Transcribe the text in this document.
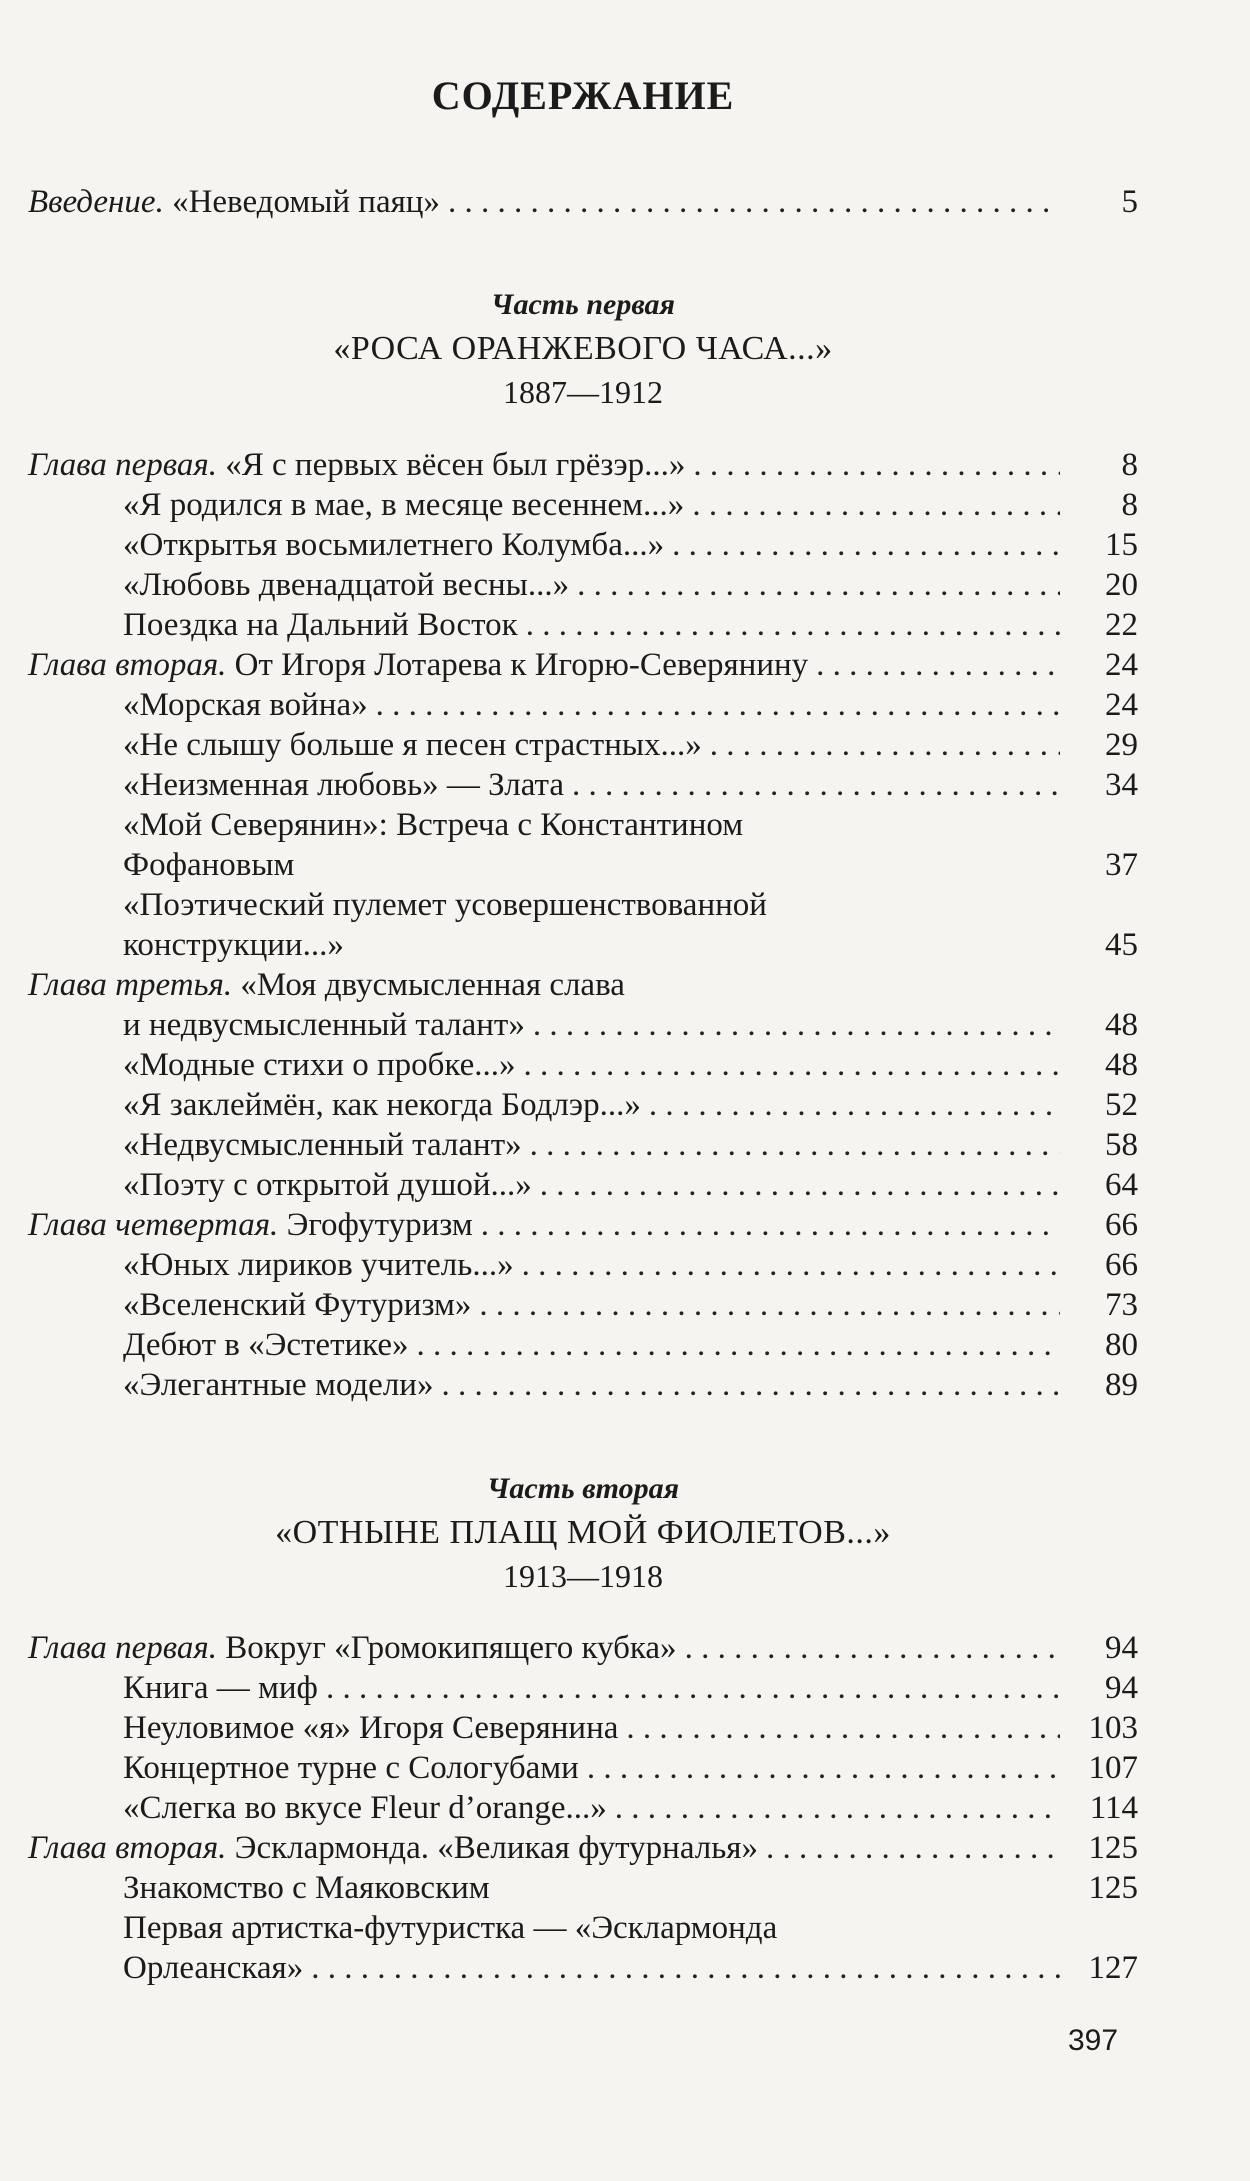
СОДЕРЖАНИЕ
Введение. «Неведомый паяц» . . .	5
Часть первая
«РОСА ОРАНЖЕВОГО ЧАСА...»
1887—1912
Глава первая. «Я с первых вёсен был грёзэр...» . . .	8
«Я родился в мае, в месяце весеннем...» . . .	8
«Открытья восьмилетнего Колумба...» . . .	15
«Любовь двенадцатой весны...» . . .	20
Поездка на Дальний Восток . . .	22
Глава вторая. От Игоря Лотарева к Игорю-Северянину . . .	24
«Морская война» . . .	24
«Не слышу больше я песен страстных...» . . .	29
«Неизменная любовь» — Злата . . .	34
«Мой Северянин»: Встреча с Константином
Фофановым	37
«Поэтический пулемет усовершенствованной
конструкции...»	45
Глава третья. «Моя двусмысленная слава
и недвусмысленный талант» . . .	48
«Модные стихи о пробке...» . . .	48
«Я заклеймён, как некогда Бодлэр...» . . .	52
«Недвусмысленный талант» . . .	58
«Поэту с открытой душой...» . . .	64
Глава четвертая. Эгофутуризм . . .	66
«Юных лириков учитель...» . . .	66
«Вселенский Футуризм» . . .	73
Дебют в «Эстетике» . . .	80
«Элегантные модели» . . .	89
Часть вторая
«ОТНЫНЕ ПЛАЩ МОЙ ФИОЛЕТОВ...»
1913—1918
Глава первая. Вокруг «Громокипящего кубка» . . .	94
Книга — миф . . .	94
Неуловимое «я» Игоря Северянина . . .	103
Концертное турне с Сологубами . . .	107
«Слегка во вкусе Fleur d’orange...» . . .	114
Глава вторая. Эсклармонда. «Великая футурналья» . . .	125
Знакомство с Маяковским	125
Первая артистка-футуристка — «Эсклармонда
Орлеанская» . . .	127
397
